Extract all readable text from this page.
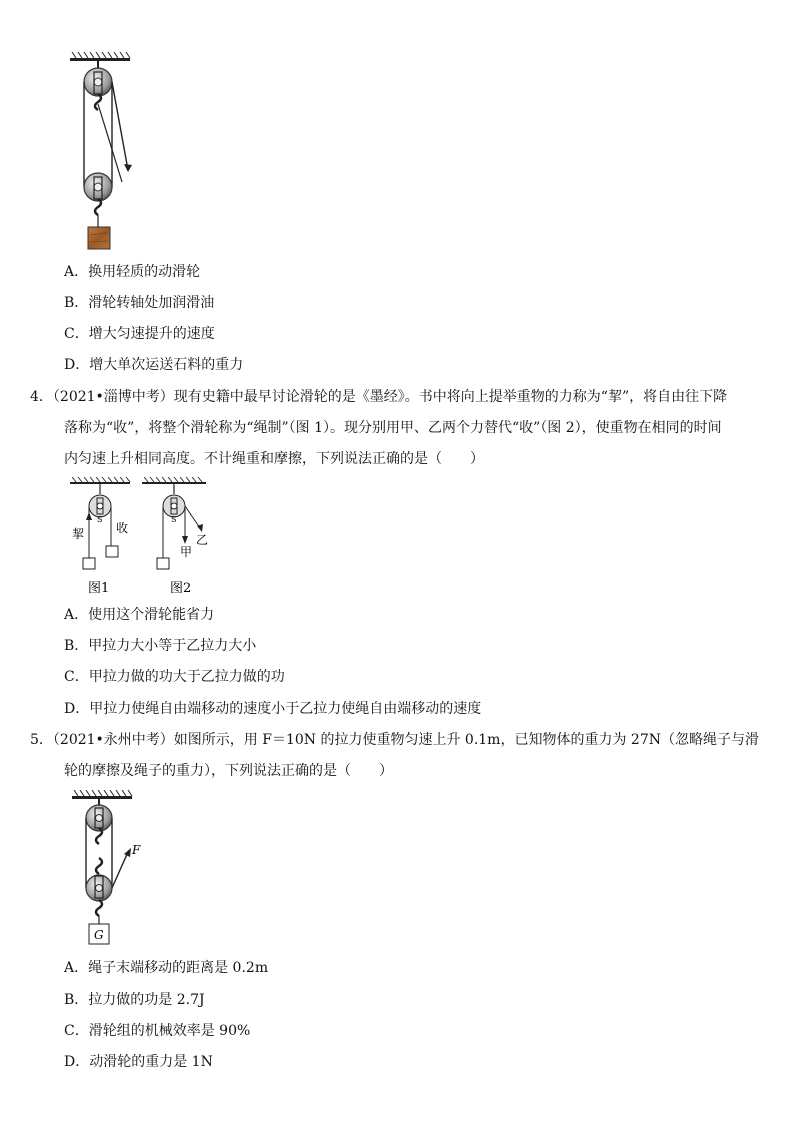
A．换用轻质的动滑轮
B．滑轮转轴处加润滑油
C．增大匀速提升的速度
D．增大单次运送石料的重力
4．（2021•淄博中考）现有史籍中最早讨论滑轮的是《墨经》。书中将向上提举重物的力称为“挈”，将自由往下降
落称为“收”，将整个滑轮称为“绳制”（图 1）。现分别用甲、乙两个力替代“收”（图 2），使重物在相同的时间
内匀速上升相同高度。不计绳重和摩擦，下列说法正确的是（　　）
S
挈	收
图1
S
甲
乙
图2
A．使用这个滑轮能省力
B．甲拉力大小等于乙拉力大小
C．甲拉力做的功大于乙拉力做的功
D．甲拉力使绳自由端移动的速度小于乙拉力使绳自由端移动的速度
5．（2021•永州中考）如图所示，用 F＝10N 的拉力使重物匀速上升 0.1m，已知物体的重力为 27N（忽略绳子与滑
轮的摩擦及绳子的重力），下列说法正确的是（　　）
F
G
A．绳子末端移动的距离是 0.2m
B．拉力做的功是 2.7J
C．滑轮组的机械效率是 90%
D．动滑轮的重力是 1N
